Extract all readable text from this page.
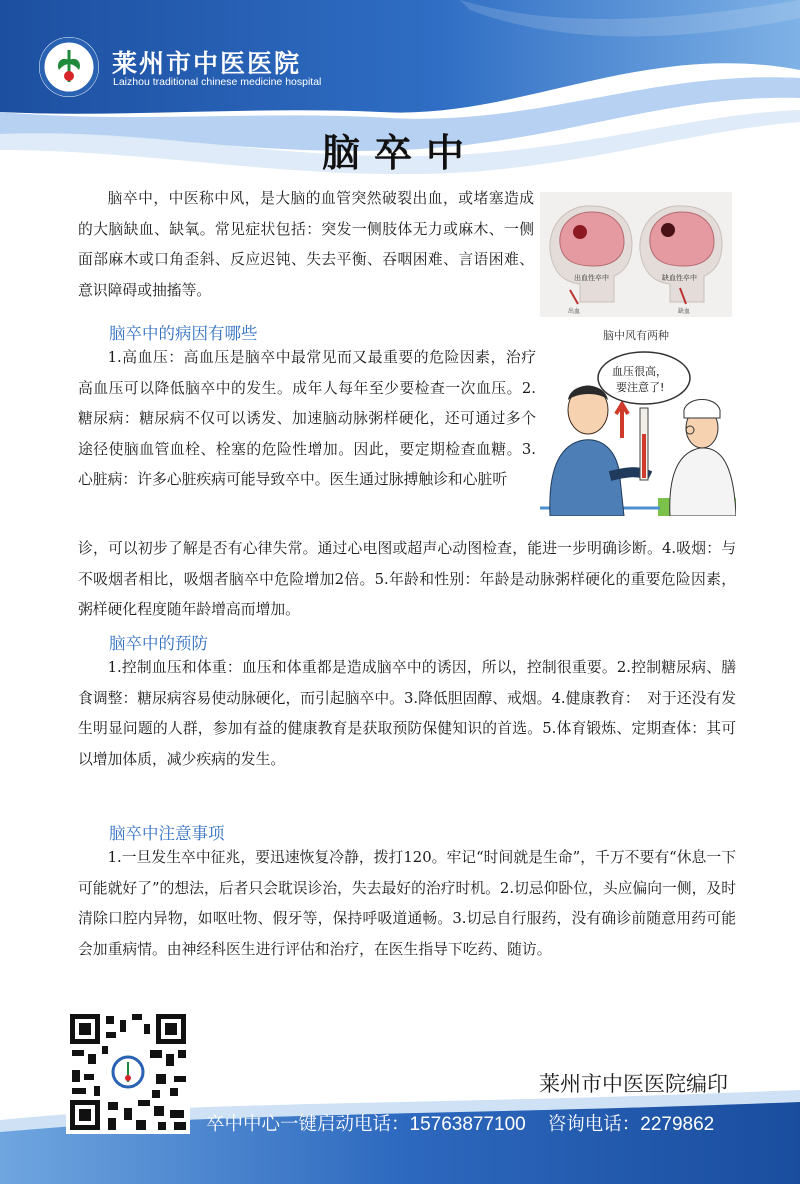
莱州市中医医院
Laizhou traditional chinese medicine hospital
脑卒中

脑卒中，中医称中风，是大脑的血管突然破裂出血，或堵塞造成的大脑缺血、缺氧。常见症状包括：突发一侧肢体无力或麻木、一侧面部麻木或口角歪斜、反应迟钝、失去平衡、吞咽困难、言语困难、意识障碍或抽搐等。

出血性卒中	缺血性卒中
出血	缺血
脑中风有两种
血压很高，
要注意了!
脑卒中的病因有哪些

1.高血压：高血压是脑卒中最常见而又最重要的危险因素，治疗高血压可以降低脑卒中的发生。成年人每年至少要检查一次血压。2.糖尿病：糖尿病不仅可以诱发、加速脑动脉粥样硬化，还可通过多个途径使脑血管血栓、栓塞的危险性增加。因此，要定期检查血糖。3.心脏病：许多心脏疾病可能导致卒中。医生通过脉搏触诊和心脏听

诊，可以初步了解是否有心律失常。通过心电图或超声心动图检查，能进一步明确诊断。4.吸烟：与不吸烟者相比，吸烟者脑卒中危险增加2倍。5.年龄和性别：年龄是动脉粥样硬化的重要危险因素，粥样硬化程度随年龄增高而增加。

脑卒中的预防

1.控制血压和体重：血压和体重都是造成脑卒中的诱因，所以，控制很重要。2.控制糖尿病、膳食调整：糖尿病容易使动脉硬化，而引起脑卒中。3.降低胆固醇、戒烟。4.健康教育：　对于还没有发生明显问题的人群，参加有益的健康教育是获取预防保健知识的首选。5.体育锻炼、定期查体：其可以增加体质，减少疾病的发生。

脑卒中注意事项

1.一旦发生卒中征兆，要迅速恢复冷静，拨打120。牢记“时间就是生命”，千万不要有“休息一下可能就好了”的想法，后者只会耽误诊治，失去最好的治疗时机。2.切忌仰卧位，头应偏向一侧，及时清除口腔内异物，如呕吐物、假牙等，保持呼吸道通畅。3.切忌自行服药，没有确诊前随意用药可能会加重病情。由神经科医生进行评估和治疗，在医生指导下吃药、随访。

莱州市中医医院编印
卒中中心一键启动电话：15763877100 咨询电话：2279862
